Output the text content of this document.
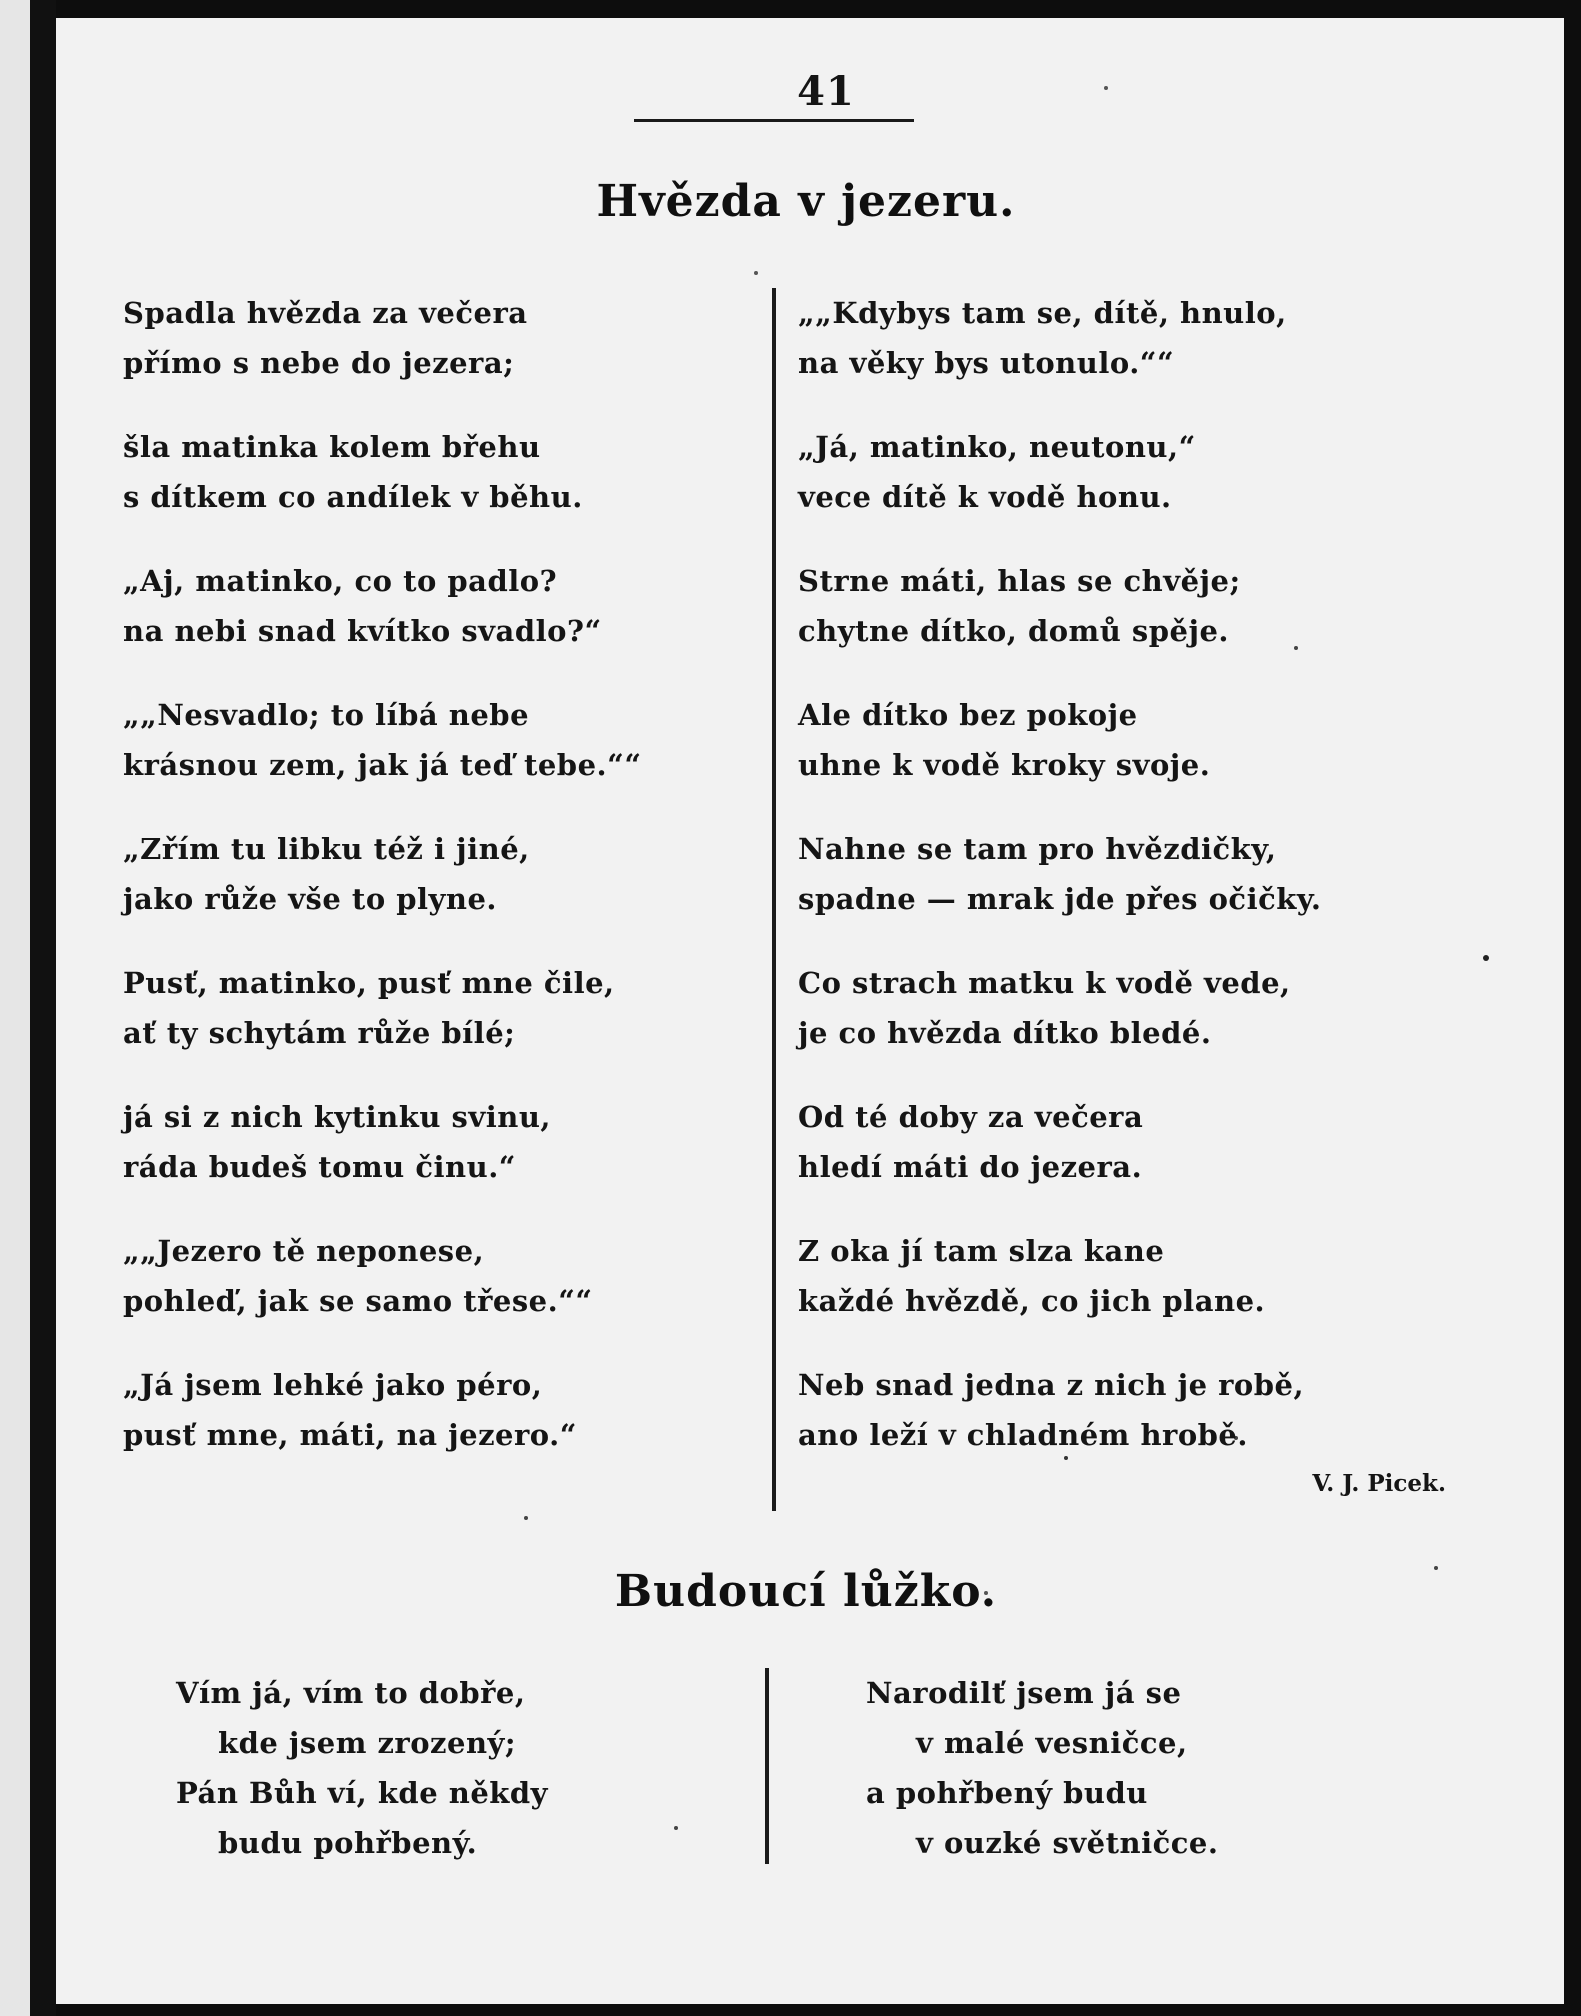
41
Hvězda v jezeru.
Spadla hvězda za večera
přímo s nebe do jezera;
šla matinka kolem břehu
s dítkem co andílek v běhu.
„Aj, matinko, co to padlo?
na nebi snad kvítko svadlo?“
„„Nesvadlo; to líbá nebe
krásnou zem, jak já teď tebe.““
„Zřím tu libku též i jiné,
jako růže vše to plyne.
Pusť, matinko, pusť mne čile,
ať ty schytám růže bílé;
já si z nich kytinku svinu,
ráda budeš tomu činu.“
„„Jezero tě neponese,
pohleď, jak se samo třese.““
„Já jsem lehké jako péro,
pusť mne, máti, na jezero.“
„„Kdybys tam se, dítě, hnulo,
na věky bys utonulo.““
„Já, matinko, neutonu,“
vece dítě k vodě honu.
Strne máti, hlas se chvěje;
chytne dítko, domů spěje.
Ale dítko bez pokoje
uhne k vodě kroky svoje.
Nahne se tam pro hvězdičky,
spadne — mrak jde přes očičky.
Co strach matku k vodě vede,
je co hvězda dítko bledé.
Od té doby za večera
hledí máti do jezera.
Z oka jí tam slza kane
každé hvězdě, co jich plane.
Neb snad jedna z nich je robě,
ano leží v chladném hrobě.
V. J. Picek.
Budoucí lůžko.
Vím já, vím to dobře,
kde jsem zrozený;
Pán Bůh ví, kde někdy
budu pohřbený.
Narodilť jsem já se
v malé vesničce,
a pohřbený budu
v ouzké světničce.
